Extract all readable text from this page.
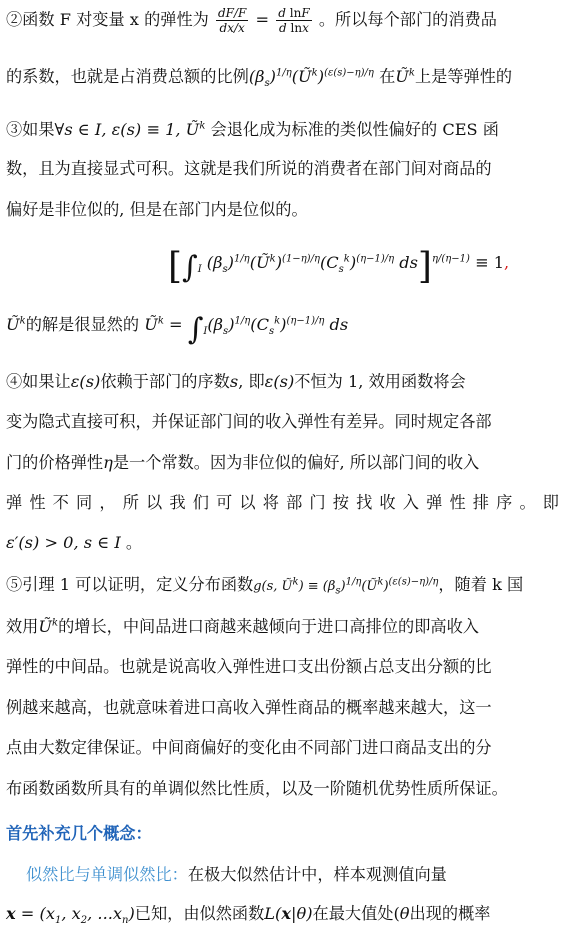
②函数 F 对变量 x 的弹性为 $\frac{dF/F}{dx/x} = \frac{\text{d lnF}}{\text{d lnx}}$ 。所以每个部门的消费品
的系数，也就是占消费总额的比例$(\beta_s)^{1/\eta}(Ũ^k)^{(\varepsilon(s)-\eta)/\eta}$ 在$Ũ^k$上是等弹性的
③如果∀s ∈ I, ε(s) ≡ 1, $Ũ^k$ 会退化成为标准的类似性偏好的 CES 函
数，且为直接显式可积。这就是我们所说的消费者在部门间对商品的
偏好是非位似的, 但是在部门内是位似的。
[$\int_I$ $(\beta_s)^{1/\eta}(Ũ^k)^{(1-\eta)/\eta}(C_s^k)^{(\eta-1)/\eta}$ ds]$^{\eta/(\eta-1)}$ ≡ 1,
$Ũ^k$的解是很显然的 $Ũ^k = \int_I(\beta_s)^{1/\eta}(C_s^k)^{(\eta-1)/\eta}$ ds
④如果让ε(s)依赖于部门的序数s, 即ε(s)不恒为 1, 效用函数将会
变为隐式直接可积，并保证部门间的收入弹性有差异。同时规定各部
门的价格弹性η是一个常数。因为非位似的偏好, 所以部门间的收入
弹性不同，所以我们可以将部门按找收入弹性排序。即
ε′(s) > 0, s ∈ I 。
⑤引理 1 可以证明，定义分布函数g(s, $Ũ^k$) ≡ $(\beta_s)^{1/\eta}(Ũ^k)^{(\varepsilon(s)-\eta)/\eta}$，随着 k 国
效用$Ũ^k$的增长，中间品进口商越来越倾向于进口高排位的即高收入
弹性的中间品。也就是说高收入弹性进口支出份额占总支出分额的比
例越来越高，也就意味着进口高收入弹性商品的概率越来越大，这一
点由大数定律保证。中间商偏好的变化由不同部门进口商品支出的分
布函数函数所具有的单调似然比性质，以及一阶随机优势性质所保证。
首先补充几个概念：
似然比与单调似然比：在极大似然估计中，样本观测值向量
$x = (x_1$, $x_2$, $...x_n$)已知，由似然函数L(x|θ)在最大值处(θ出现的概率
